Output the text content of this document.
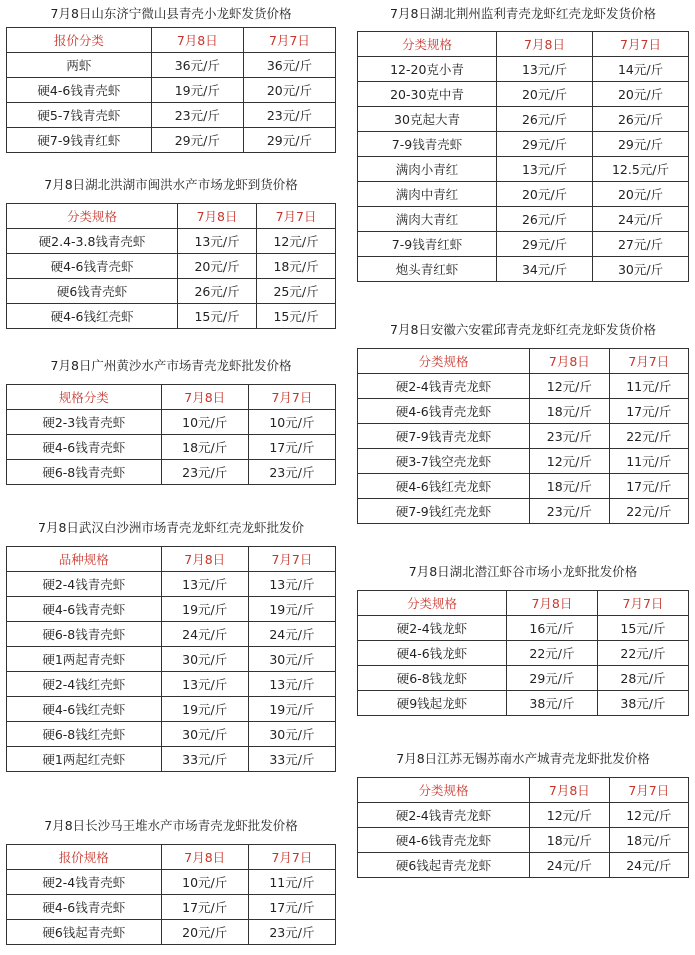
7月8日山东济宁微山县青壳小龙虾发货价格
报价分类	7月8日	7月7日
两虾	36元/斤	36元/斤
硬4-6钱青壳虾	19元/斤	20元/斤
硬5-7钱青壳虾	23元/斤	23元/斤
硬7-9钱青红虾	29元/斤	29元/斤
7月8日湖北洪湖市闽洪水产市场龙虾到货价格
分类规格	7月8日	7月7日
硬2.4-3.8钱青壳虾	13元/斤	12元/斤
硬4-6钱青壳虾	20元/斤	18元/斤
硬6钱青壳虾	26元/斤	25元/斤
硬4-6钱红壳虾	15元/斤	15元/斤
7月8日广州黄沙水产市场青壳龙虾批发价格
规格分类	7月8日	7月7日
硬2-3钱青壳虾	10元/斤	10元/斤
硬4-6钱青壳虾	18元/斤	17元/斤
硬6-8钱青壳虾	23元/斤	23元/斤
7月8日武汉白沙洲市场青壳龙虾红壳龙虾批发价
品种规格	7月8日	7月7日
硬2-4钱青壳虾	13元/斤	13元/斤
硬4-6钱青壳虾	19元/斤	19元/斤
硬6-8钱青壳虾	24元/斤	24元/斤
硬1两起青壳虾	30元/斤	30元/斤
硬2-4钱红壳虾	13元/斤	13元/斤
硬4-6钱红壳虾	19元/斤	19元/斤
硬6-8钱红壳虾	30元/斤	30元/斤
硬1两起红壳虾	33元/斤	33元/斤
7月8日长沙马王堆水产市场青壳龙虾批发价格
报价规格	7月8日	7月7日
硬2-4钱青壳虾	10元/斤	11元/斤
硬4-6钱青壳虾	17元/斤	17元/斤
硬6钱起青壳虾	20元/斤	23元/斤
7月8日湖北荆州监利青壳龙虾红壳龙虾发货价格
分类规格	7月8日	7月7日
12-20克小青	13元/斤	14元/斤
20-30克中青	20元/斤	20元/斤
30克起大青	26元/斤	26元/斤
7-9钱青壳虾	29元/斤	29元/斤
满肉小青红	13元/斤	12.5元/斤
满肉中青红	20元/斤	20元/斤
满肉大青红	26元/斤	24元/斤
7-9钱青红虾	29元/斤	27元/斤
炮头青红虾	34元/斤	30元/斤
7月8日安徽六安霍邱青壳龙虾红壳龙虾发货价格
分类规格	7月8日	7月7日
硬2-4钱青壳龙虾	12元/斤	11元/斤
硬4-6钱青壳龙虾	18元/斤	17元/斤
硬7-9钱青壳龙虾	23元/斤	22元/斤
硬3-7钱空壳龙虾	12元/斤	11元/斤
硬4-6钱红壳龙虾	18元/斤	17元/斤
硬7-9钱红壳龙虾	23元/斤	22元/斤
7月8日湖北潜江虾谷市场小龙虾批发价格
分类规格	7月8日	7月7日
硬2-4钱龙虾	16元/斤	15元/斤
硬4-6钱龙虾	22元/斤	22元/斤
硬6-8钱龙虾	29元/斤	28元/斤
硬9钱起龙虾	38元/斤	38元/斤
7月8日江苏无锡苏南水产城青壳龙虾批发价格
分类规格	7月8日	7月7日
硬2-4钱青壳龙虾	12元/斤	12元/斤
硬4-6钱青壳龙虾	18元/斤	18元/斤
硬6钱起青壳龙虾	24元/斤	24元/斤
